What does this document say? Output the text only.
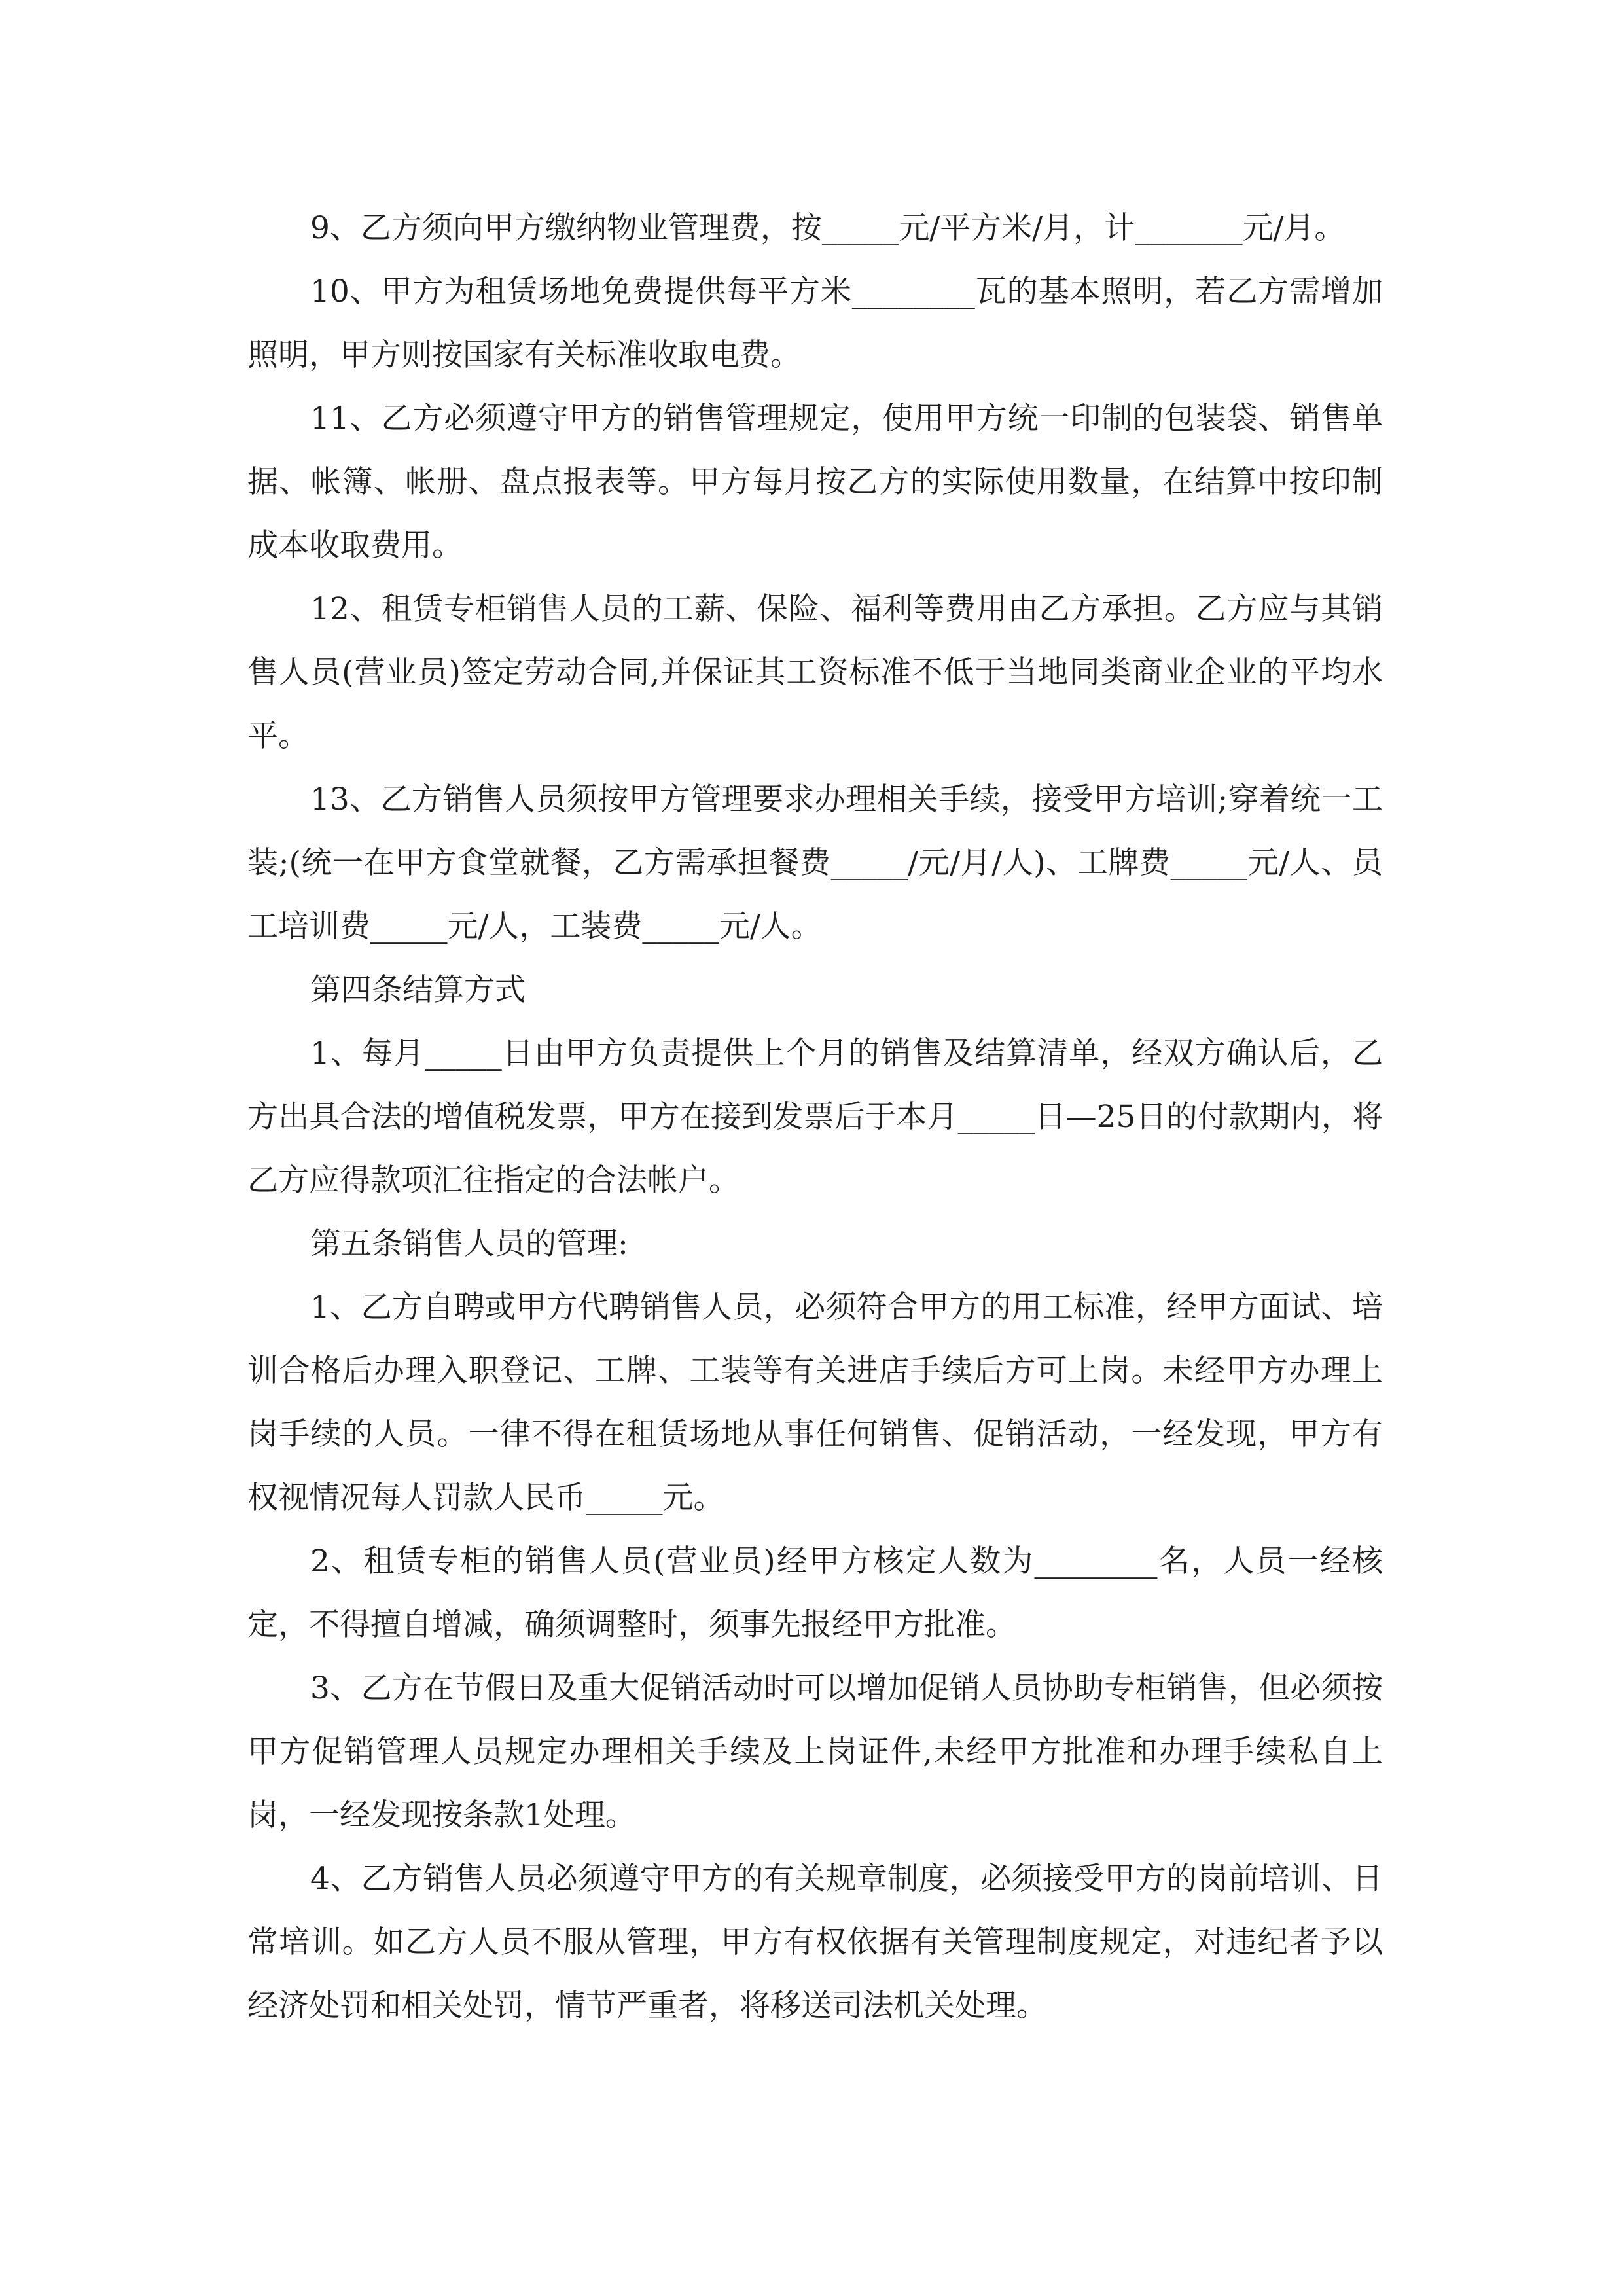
9、乙方须向甲方缴纳物业管理费，按_____元/平方米/月，计_______元/月。

10、甲方为租赁场地免费提供每平方米________瓦的基本照明，若乙方需增加照明，甲方则按国家有关标准收取电费。

11、乙方必须遵守甲方的销售管理规定，使用甲方统一印制的包装袋、销售单据、帐簿、帐册、盘点报表等。甲方每月按乙方的实际使用数量，在结算中按印制成本收取费用。

12、租赁专柜销售人员的工薪、保险、福利等费用由乙方承担。乙方应与其销售人员(营业员)签定劳动合同,并保证其工资标准不低于当地同类商业企业的平均水平。

13、乙方销售人员须按甲方管理要求办理相关手续，接受甲方培训;穿着统一工装;(统一在甲方食堂就餐，乙方需承担餐费_____/元/月/人)、工牌费_____元/人、员工培训费_____元/人，工装费_____元/人。

第四条结算方式

1、每月_____日由甲方负责提供上个月的销售及结算清单，经双方确认后，乙方出具合法的增值税发票，甲方在接到发票后于本月_____日—25日的付款期内，将乙方应得款项汇往指定的合法帐户。

第五条销售人员的管理:

1、乙方自聘或甲方代聘销售人员，必须符合甲方的用工标准，经甲方面试、培训合格后办理入职登记、工牌、工装等有关进店手续后方可上岗。未经甲方办理上岗手续的人员。一律不得在租赁场地从事任何销售、促销活动，一经发现，甲方有权视情况每人罚款人民币_____元。

2、租赁专柜的销售人员(营业员)经甲方核定人数为________名，人员一经核定，不得擅自增减，确须调整时，须事先报经甲方批准。

3、乙方在节假日及重大促销活动时可以增加促销人员协助专柜销售，但必须按甲方促销管理人员规定办理相关手续及上岗证件,未经甲方批准和办理手续私自上岗，一经发现按条款1处理。

4、乙方销售人员必须遵守甲方的有关规章制度，必须接受甲方的岗前培训、日常培训。如乙方人员不服从管理，甲方有权依据有关管理制度规定，对违纪者予以经济处罚和相关处罚，情节严重者，将移送司法机关处理。
